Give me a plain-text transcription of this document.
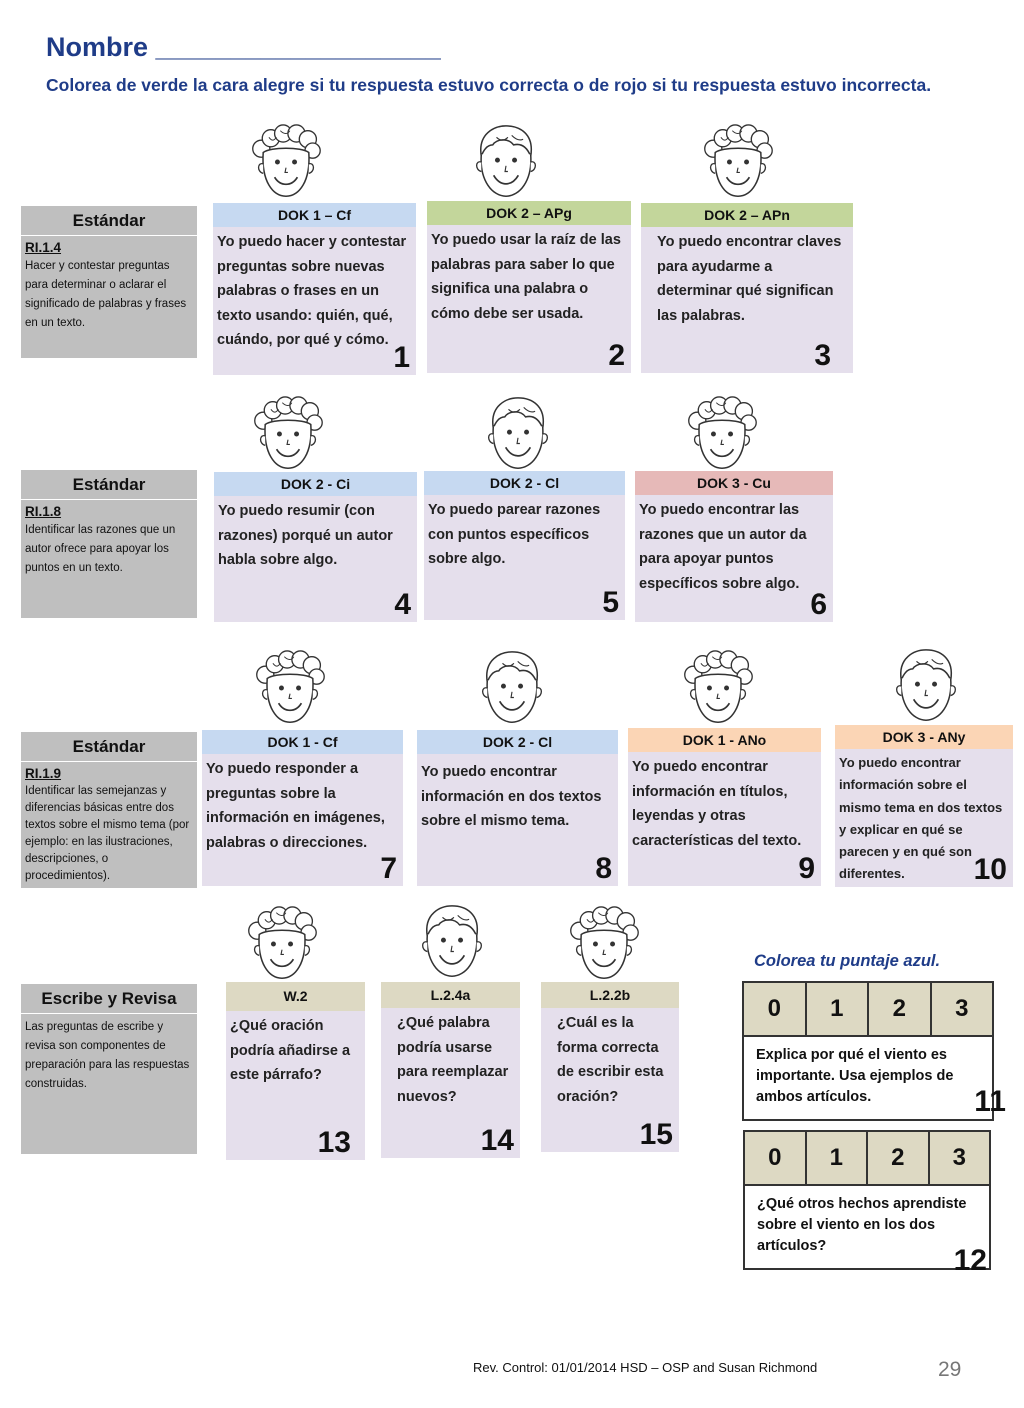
Nombre ___________________
Colorea de verde la cara alegre si tu respuesta estuvo correcta o de rojo si tu respuesta estuvo incorrecta.
Estándar
RI.1.4
Hacer y contestar preguntas para determinar o aclarar el significado de palabras y frases en un texto.
DOK 1 – Cf
Yo puedo hacer y contestar preguntas sobre nuevas palabras o frases en un texto usando: quién, qué, cuándo, por qué y cómo.
1
DOK 2 – APg
Yo puedo usar la raíz de las palabras para saber lo que significa una palabra o cómo debe ser usada.
2
DOK 2 – APn
Yo puedo encontrar claves para ayudarme a determinar qué significan las palabras.
3
Estándar
RI.1.8
Identificar las razones que un autor ofrece para apoyar los puntos en un texto.
DOK 2 - Ci
Yo puedo resumir (con razones) porqué un autor habla sobre algo.
4
DOK 2 - Cl
Yo puedo parear razones con puntos específicos sobre algo.
5
DOK 3 - Cu
Yo puedo encontrar las razones que un autor da para apoyar puntos específicos sobre algo.
6
Estándar
RI.1.9
Identificar las semejanzas y diferencias básicas entre dos textos sobre el mismo tema (por ejemplo: en las ilustraciones, descripciones, o procedimientos).
DOK 1 - Cf
Yo puedo responder a preguntas sobre la información en imágenes, palabras o direcciones.
7
DOK 2 - Cl
Yo puedo encontrar información en dos textos sobre el mismo tema.
8
DOK 1 - ANo
Yo puedo encontrar información en títulos, leyendas y otras características del texto.
9
DOK 3 - ANy
Yo puedo encontrar información sobre el mismo tema en dos textos y explicar en qué se parecen y en qué son diferentes.	10
Escribe y Revisa
Las preguntas de escribe y revisa son componentes de preparación para las respuestas construidas.
W.2
¿Qué oración podría añadirse a este párrafo?
13
L.2.4a
¿Qué palabra podría usarse para reemplazar nuevos?
14
L.2.2b
¿Cuál es la forma correcta de escribir esta oración?
15
Colorea tu puntaje azul.
0	1	2	3
Explica por qué el viento es importante. Usa ejemplos de ambos artículos.	11
0	1	2	3
¿Qué otros hechos aprendiste sobre el viento en los dos artículos?	12
Rev. Control: 01/01/2014 HSD – OSP and Susan Richmond	29
